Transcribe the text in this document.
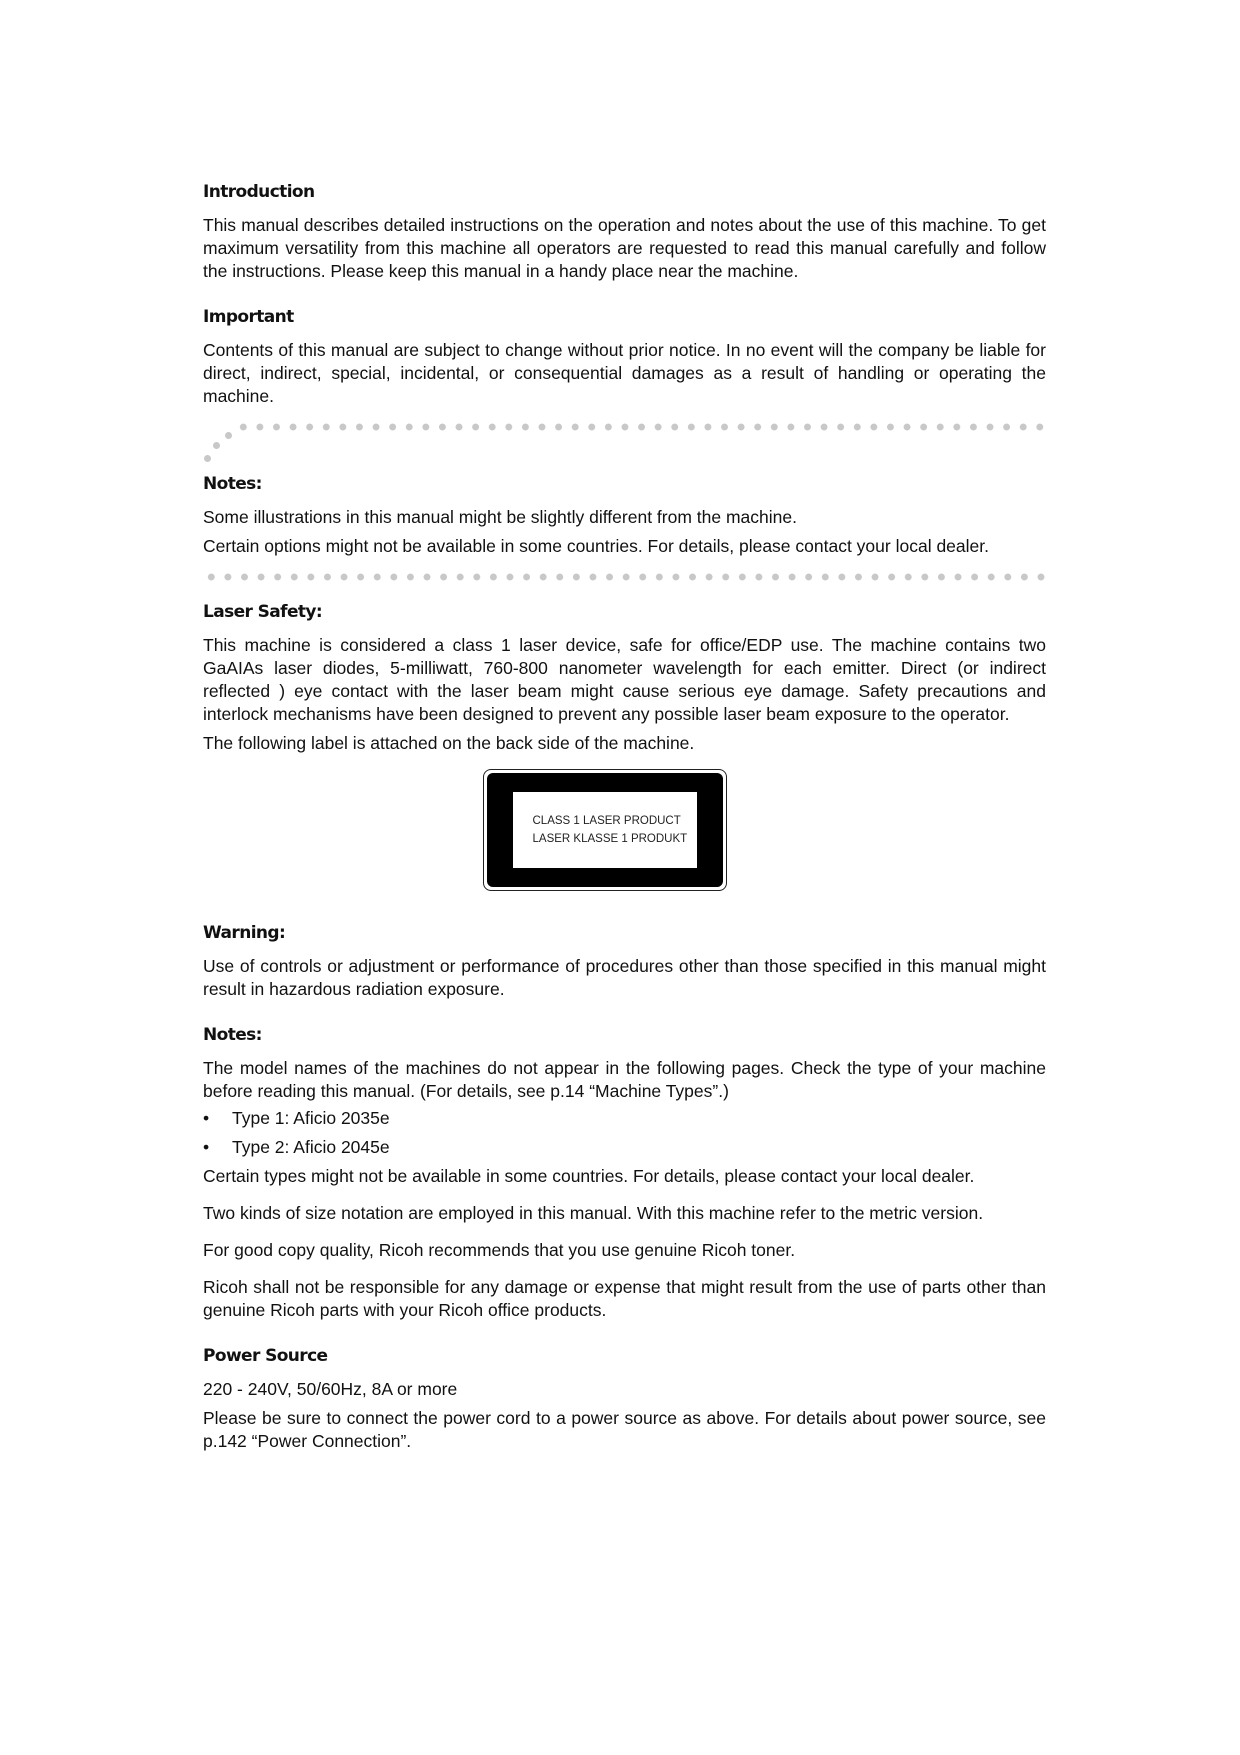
Introduction

This manual describes detailed instructions on the operation and notes about the use of this machine. To get maximum versatility from this machine all operators are requested to read this manual carefully and follow the instructions. Please keep this manual in a handy place near the machine.

Important

Contents of this manual are subject to change without prior notice. In no event will the company be liable for direct, indirect, special, incidental, or consequential damages as a result of handling or operating the machine.

Notes:

Some illustrations in this manual might be slightly different from the machine.

Certain options might not be available in some countries. For details, please contact your local dealer.

Laser Safety:

This machine is considered a class 1 laser device, safe for office/EDP use. The machine contains two GaAIAs laser diodes, 5-milliwatt, 760-800 nanometer wavelength for each emitter. Direct (or indirect reflected ) eye contact with the laser beam might cause serious eye damage. Safety precautions and interlock mechanisms have been designed to prevent any possible laser beam exposure to the operator.

The following label is attached on the back side of the machine.

CLASS 1 LASER PRODUCT
LASER KLASSE 1 PRODUKT
Warning:

Use of controls or adjustment or performance of procedures other than those specified in this manual might result in hazardous radiation exposure.

Notes:

The model names of the machines do not appear in the following pages. Check the type of your machine before reading this manual. (For details, see p.14 “Machine Types”.)

• Type 1: Aficio 2035e
• Type 2: Aficio 2045e

Certain types might not be available in some countries. For details, please contact your local dealer.

Two kinds of size notation are employed in this manual. With this machine refer to the metric version.

For good copy quality, Ricoh recommends that you use genuine Ricoh toner.

Ricoh shall not be responsible for any damage or expense that might result from the use of parts other than genuine Ricoh parts with your Ricoh office products.

Power Source

220 - 240V, 50/60Hz, 8A or more

Please be sure to connect the power cord to a power source as above. For details about power source, see p.142 “Power Connection”.
